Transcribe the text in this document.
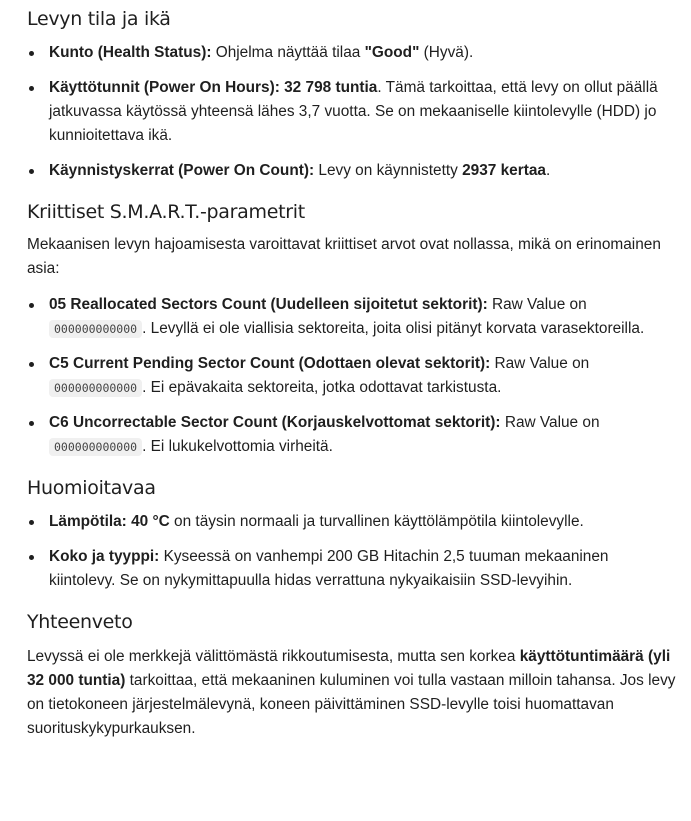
Levyn tila ja ikä
Kunto (Health Status): Ohjelma näyttää tilaa "Good" (Hyvä).
Käyttötunnit (Power On Hours): 32 798 tuntia. Tämä tarkoittaa, että levy on ollut päällä jatkuvassa käytössä yhteensä lähes 3,7 vuotta. Se on mekaaniselle kiintolevylle (HDD) jo kunnioitettava ikä.
Käynnistyskerrat (Power On Count): Levy on käynnistetty 2937 kertaa.
Kriittiset S.M.A.R.T.-parametrit

Mekaanisen levyn hajoamisesta varoittavat kriittiset arvot ovat nollassa, mikä on erinomainen asia:

05 Reallocated Sectors Count (Uudelleen sijoitetut sektorit): Raw Value on 000000000000 . Levyllä ei ole viallisia sektoreita, joita olisi pitänyt korvata varasektoreilla.
C5 Current Pending Sector Count (Odottaen olevat sektorit): Raw Value on 000000000000 . Ei epävakaita sektoreita, jotka odottavat tarkistusta.
C6 Uncorrectable Sector Count (Korjauskelvottomat sektorit): Raw Value on 000000000000 . Ei lukukelvottomia virheitä.
Huomioitavaa
Lämpötila: 40 °C on täysin normaali ja turvallinen käyttölämpötila kiintolevylle.
Koko ja tyyppi: Kyseessä on vanhempi 200 GB Hitachin 2,5 tuuman mekaaninen kiintolevy. Se on nykymittapuulla hidas verrattuna nykyaikaisiin SSD-levyihin.
Yhteenveto

Levyssä ei ole merkkejä välittömästä rikkoutumisesta, mutta sen korkea käyttötuntimäärä (yli 32 000 tuntia) tarkoittaa, että mekaaninen kuluminen voi tulla vastaan milloin tahansa. Jos levy on tietokoneen järjestelmälevynä, koneen päivittäminen SSD-levylle toisi huomattavan suorituskykypurkauksen.
